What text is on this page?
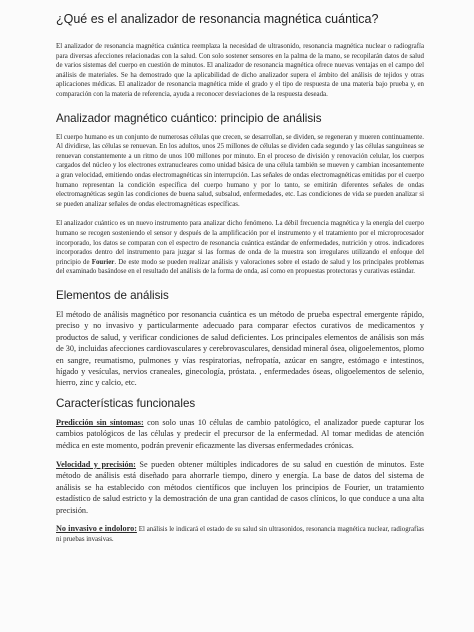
¿Qué es el analizador de resonancia magnética cuántica?

El analizador de resonancia magnética cuántica reemplaza la necesidad de ultrasonido, resonancia magnética nuclear o radiografía para diversas afecciones relacionadas con la salud. Con solo sostener sensores en la palma de la mano, se recopilarán datos de salud de varios sistemas del cuerpo en cuestión de minutos. El analizador de resonancia magnética ofrece nuevas ventajas en el campo del análisis de materiales. Se ha demostrado que la aplicabilidad de dicho analizador supera el ámbito del análisis de tejidos y otras aplicaciones médicas. El analizador de resonancia magnética mide el grado y el tipo de respuesta de una materia bajo prueba y, en comparación con la materia de referencia, ayuda a reconocer desviaciones de la respuesta deseada.

Analizador magnético cuántico: principio de análisis

El cuerpo humano es un conjunto de numerosas células que crecen, se desarrollan, se dividen, se regeneran y mueren continuamente. Al dividirse, las células se renuevan. En los adultos, unos 25 millones de células se dividen cada segundo y las células sanguíneas se renuevan constantemente a un ritmo de unos 100 millones por minuto. En el proceso de división y renovación celular, los cuerpos cargados del núcleo y los electrones extranucleares como unidad básica de una célula también se mueven y cambian incesantemente a gran velocidad, emitiendo ondas electromagnéticas sin interrupción. Las señales de ondas electromagnéticas emitidas por el cuerpo humano representan la condición específica del cuerpo humano y por lo tanto, se emitirán diferentes señales de ondas electromagnéticas según las condiciones de buena salud, subsalud, enfermedades, etc. Las condiciones de vida se pueden analizar si se pueden analizar señales de ondas electromagnéticas específicas.

El analizador cuántico es un nuevo instrumento para analizar dicho fenómeno. La débil frecuencia magnética y la energía del cuerpo humano se recogen sosteniendo el sensor y después de la amplificación por el instrumento y el tratamiento por el microprocesador incorporado, los datos se comparan con el espectro de resonancia cuántica estándar de enfermedades, nutrición y otros. indicadores incorporados dentro del instrumento para juzgar si las formas de onda de la muestra son irregulares utilizando el enfoque del principio de Fourier. De este modo se pueden realizar análisis y valoraciones sobre el estado de salud y los principales problemas del examinado basándose en el resultado del análisis de la forma de onda, así como en propuestas protectoras y curativas estándar.

Elementos de análisis

El método de análisis magnético por resonancia cuántica es un método de prueba espectral emergente rápido, preciso y no invasivo y particularmente adecuado para comparar efectos curativos de medicamentos y productos de salud, y verificar condiciones de salud deficientes. Los principales elementos de análisis son más de 30, incluidas afecciones cardiovasculares y cerebrovasculares, densidad mineral ósea, oligoelementos, plomo en sangre, reumatismo, pulmones y vías respiratorias, nefropatía, azúcar en sangre, estómago e intestinos, hígado y vesículas, nervios craneales, ginecología, próstata. , enfermedades óseas, oligoelementos de selenio, hierro, zinc y calcio, etc.

Características funcionales

Predicción sin síntomas: con solo unas 10 células de cambio patológico, el analizador puede capturar los cambios patológicos de las células y predecir el precursor de la enfermedad. Al tomar medidas de atención médica en este momento, podrán prevenir eficazmente las diversas enfermedades crónicas.

Velocidad y precisión: Se pueden obtener múltiples indicadores de su salud en cuestión de minutos. Este método de análisis está diseñado para ahorrarle tiempo, dinero y energía. La base de datos del sistema de análisis se ha establecido con métodos científicos que incluyen los principios de Fourier, un tratamiento estadístico de salud estricto y la demostración de una gran cantidad de casos clínicos, lo que conduce a una alta precisión.

No invasivo e indoloro: El análisis le indicará el estado de su salud sin ultrasonidos, resonancia magnética nuclear, radiografías ni pruebas invasivas.
